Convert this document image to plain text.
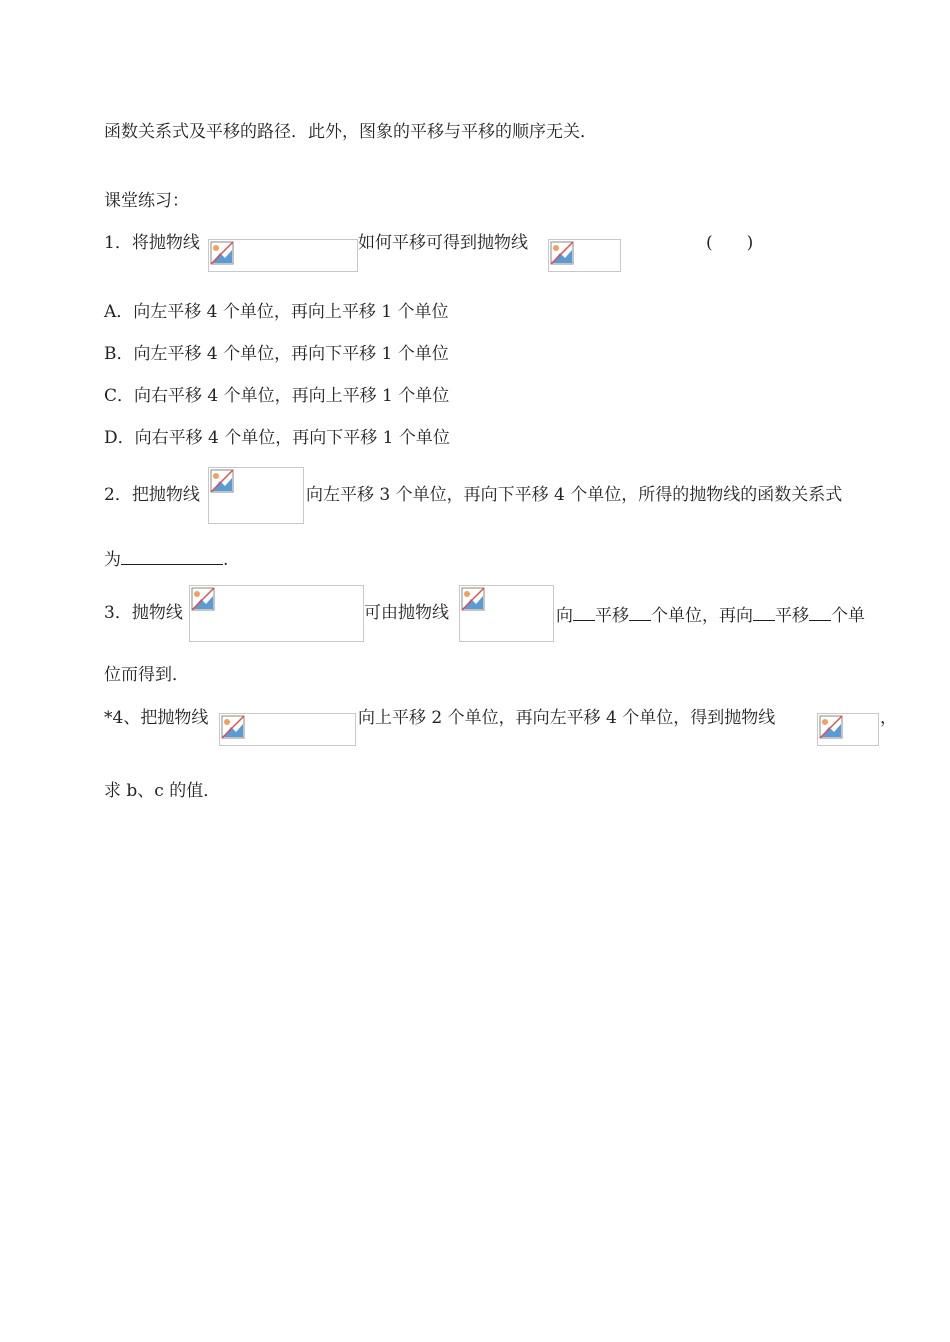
函数关系式及平移的路径．此外，图象的平移与平移的顺序无关．
课堂练习：
1．将抛物线	如何平移可得到抛物线	(　　)
A．向左平移 4 个单位，再向上平移 1 个单位
B．向左平移 4 个单位，再向下平移 1 个单位
C．向右平移 4 个单位，再向上平移 1 个单位
D．向右平移 4 个单位，再向下平移 1 个单位
2．把抛物线	向左平移 3 个单位，再向下平移 4 个单位，所得的抛物线的函数关系式
为	.
3．抛物线	可由抛物线	向 平移 个单位，再向 平移 个单
位而得到．
*4、把抛物线	向上平移 2 个单位，再向左平移 4 个单位，得到抛物线	，
求 b、c 的值．
